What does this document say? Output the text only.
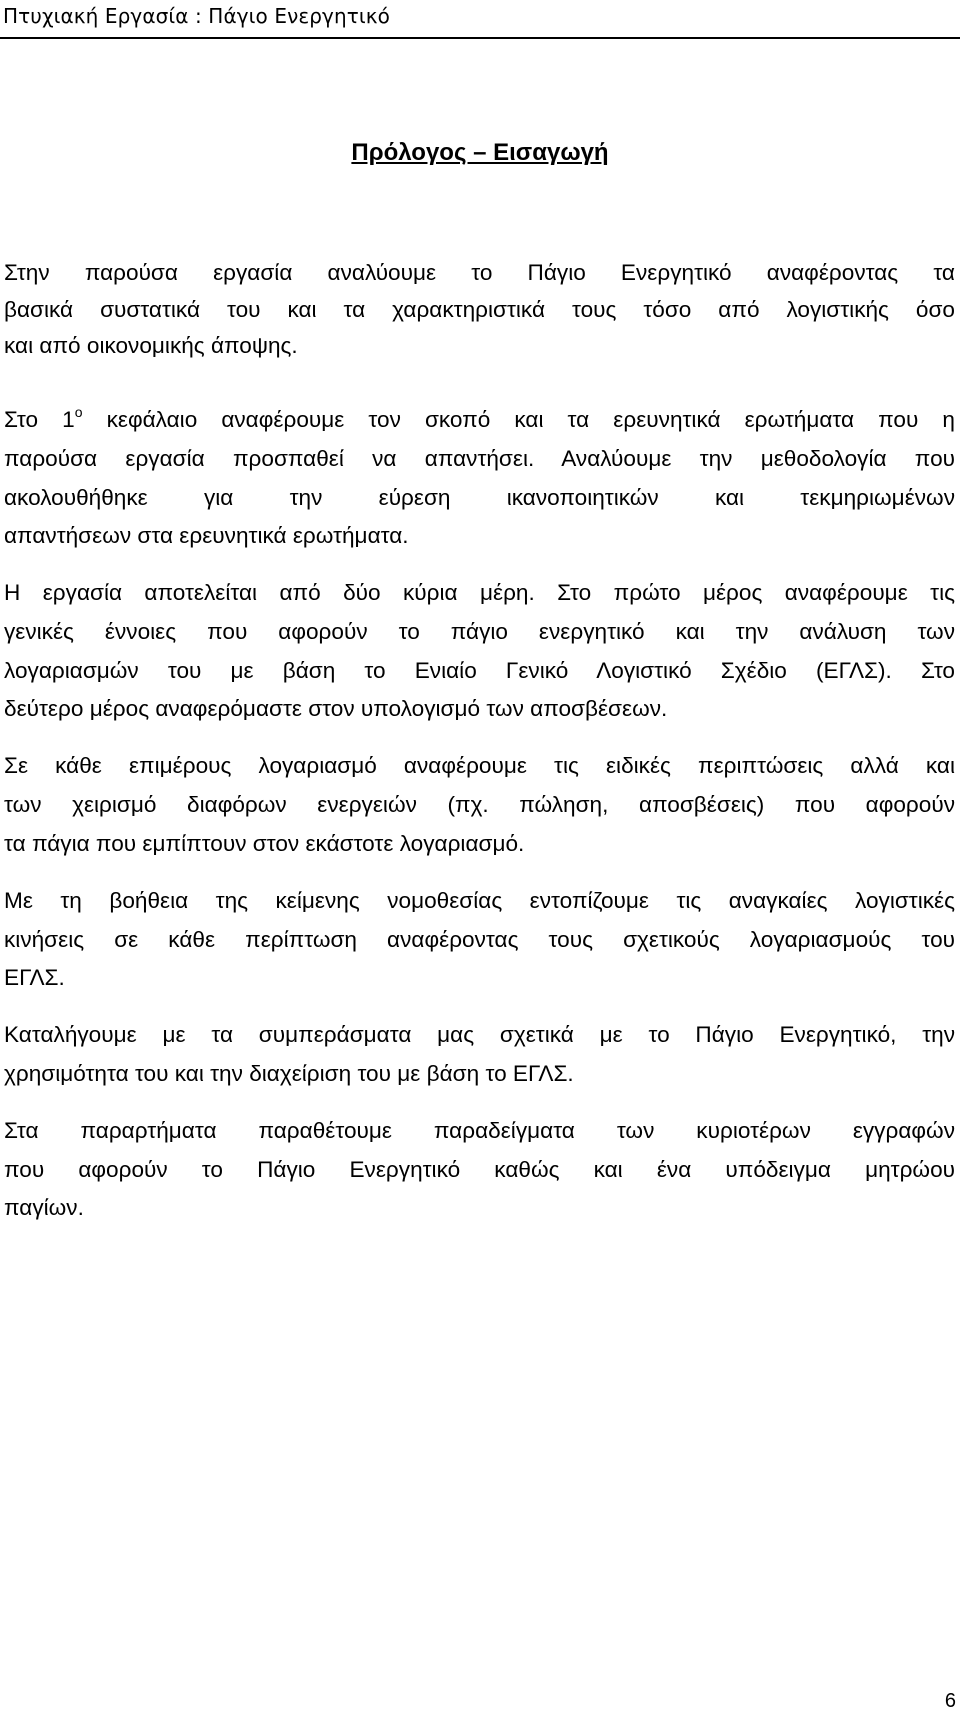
Πτυχιακή Εργασία : Πάγιο Ενεργητικό
Πρόλογος – Εισαγωγή
Στην παρούσα εργασία αναλύουμε το Πάγιο Ενεργητικό αναφέροντας τα
βασικά συστατικά του και τα χαρακτηριστικά τους τόσο από λογιστικής όσο
και από οικονομικής άποψης.
Στο $1^o$ κεφάλαιο αναφέρουμε τον σκοπό και τα ερευνητικά ερωτήματα που η
παρούσα εργασία προσπαθεί να απαντήσει. Αναλύουμε την μεθοδολογία που
ακολουθήθηκε για την εύρεση ικανοποιητικών και τεκμηριωμένων
απαντήσεων στα ερευνητικά ερωτήματα.
Η εργασία αποτελείται από δύο κύρια μέρη. Στο πρώτο μέρος αναφέρουμε τις
γενικές έννοιες που αφορούν το πάγιο ενεργητικό και την ανάλυση των
λογαριασμών του με βάση το Ενιαίο Γενικό Λογιστικό Σχέδιο (ΕΓΛΣ). Στο
δεύτερο μέρος αναφερόμαστε στον υπολογισμό των αποσβέσεων.
Σε κάθε επιμέρους λογαριασμό αναφέρουμε τις ειδικές περιπτώσεις αλλά και
των χειρισμό διαφόρων ενεργειών (πχ. πώληση, αποσβέσεις) που αφορούν
τα πάγια που εμπίπτουν στον εκάστοτε λογαριασμό.
Με τη βοήθεια της κείμενης νομοθεσίας εντοπίζουμε τις αναγκαίες λογιστικές
κινήσεις σε κάθε περίπτωση αναφέροντας τους σχετικούς λογαριασμούς του
ΕΓΛΣ.
Καταλήγουμε με τα συμπεράσματα μας σχετικά με το Πάγιο Ενεργητικό, την
χρησιμότητα του και την διαχείριση του με βάση το ΕΓΛΣ.
Στα παραρτήματα παραθέτουμε παραδείγματα των κυριοτέρων εγγραφών
που αφορούν το Πάγιο Ενεργητικό καθώς και ένα υπόδειγμα μητρώου
παγίων.
6
